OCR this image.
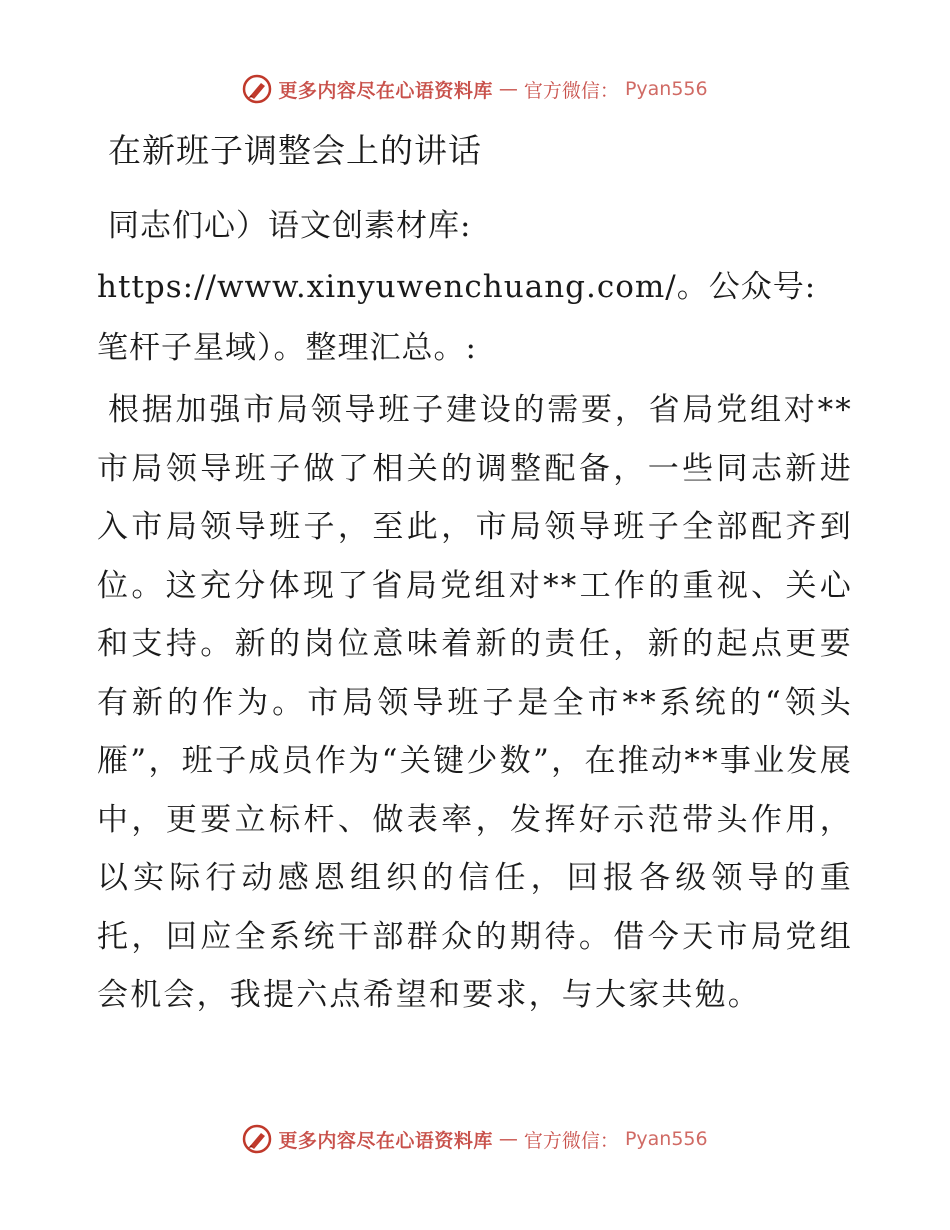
更多内容尽在心语资料库 — 官方微信： Pyan556
在新班子调整会上的讲话
同志们心）语文创素材库: https://www.xinyuwenchuang.com/。公众号: 笔杆子星域）。整理汇总。:
根据加强市局领导班子建设的需要，省局党组对**市局领导班子做了相关的调整配备，一些同志新进入市局领导班子，至此，市局领导班子全部配齐到位。这充分体现了省局党组对**工作的重视、关心和支持。新的岗位意味着新的责任，新的起点更要有新的作为。市局领导班子是全市**系统的“领头雁”，班子成员作为“关键少数”，在推动**事业发展中，更要立标杆、做表率，发挥好示范带头作用，以实际行动感恩组织的信任，回报各级领导的重托，回应全系统干部群众的期待。借今天市局党组会机会，我提六点希望和要求，与大家共勉。
更多内容尽在心语资料库 — 官方微信： Pyan556
